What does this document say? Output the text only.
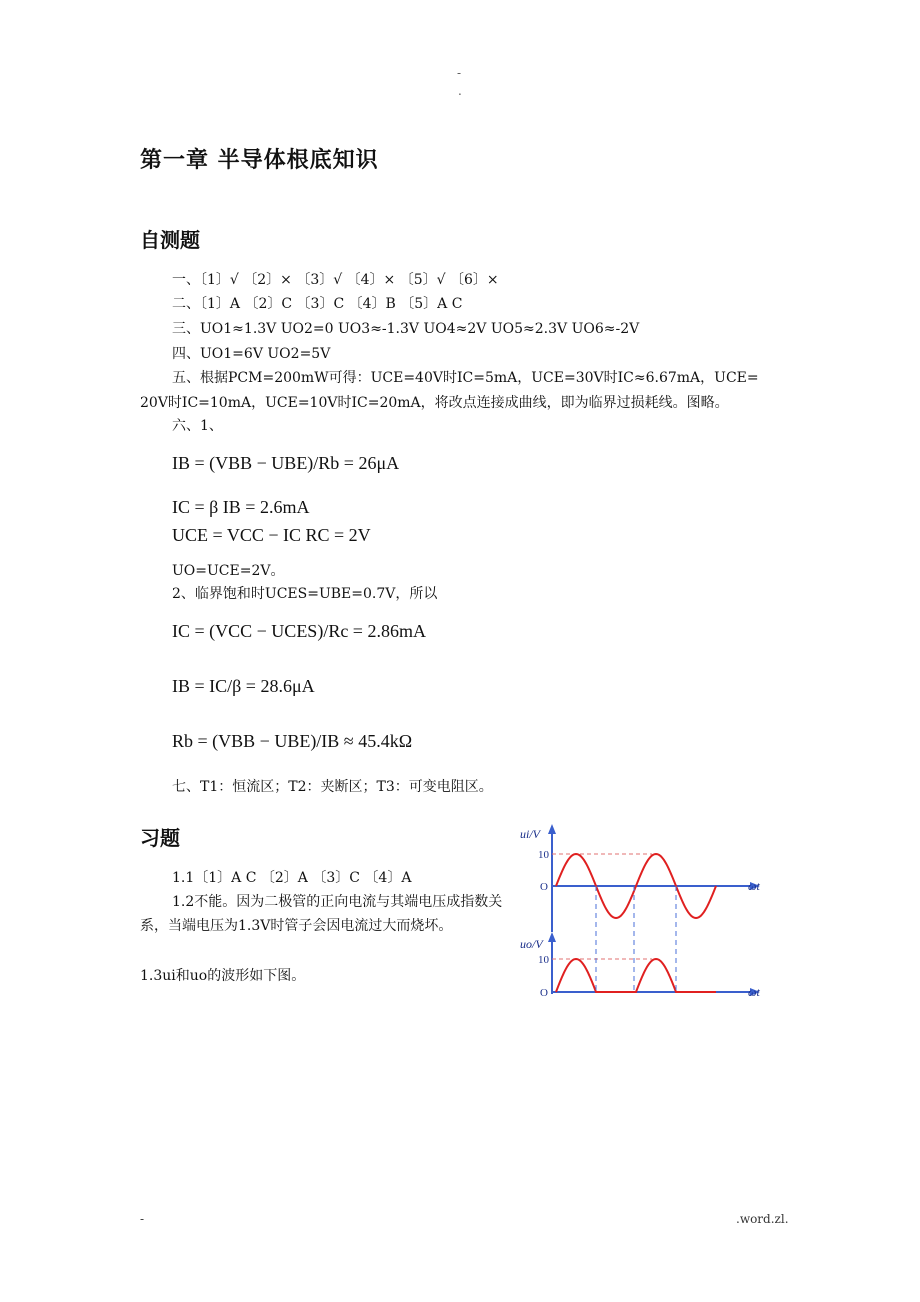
-
.
第一章 半导体根底知识
自测题
一、〔1〕√ 〔2〕× 〔3〕√ 〔4〕× 〔5〕√ 〔6〕×
二、〔1〕A 〔2〕C 〔3〕C 〔4〕B 〔5〕A C
三、UO1≈1.3V UO2=0 UO3≈-1.3V UO4≈2V UO5≈2.3V UO6≈-2V
四、UO1=6V UO2=5V
五、根据PCM=200mW可得：UCE=40V时IC=5mA，UCE=30V时IC≈6.67mA，UCE=
20V时IC=10mA，UCE=10V时IC=20mA，将改点连接成曲线，即为临界过损耗线。图略。
六、1、
IB = (VBB − UBE)/Rb = 26μA
IC = β IB = 2.6mA
UCE = VCC − IC RC = 2V
UO=UCE=2V。
2、临界饱和时UCES=UBE=0.7V，所以
IC = (VCC − UCES)/Rc = 2.86mA
IB = IC/β = 28.6μA
Rb = (VBB − UBE)/IB ≈ 45.4kΩ
七、T1：恒流区；T2：夹断区；T3：可变电阻区。
习题
1.1〔1〕A C 〔2〕A 〔3〕C 〔4〕A
1.2不能。因为二极管的正向电流与其端电压成指数关系，当端电压为1.3V时管子会因电流过大而烧坏。
1.3ui和uo的波形如下图。
ui/V
10
O	ωt
uo/V
10
O	ωt
-	.word.zl.
